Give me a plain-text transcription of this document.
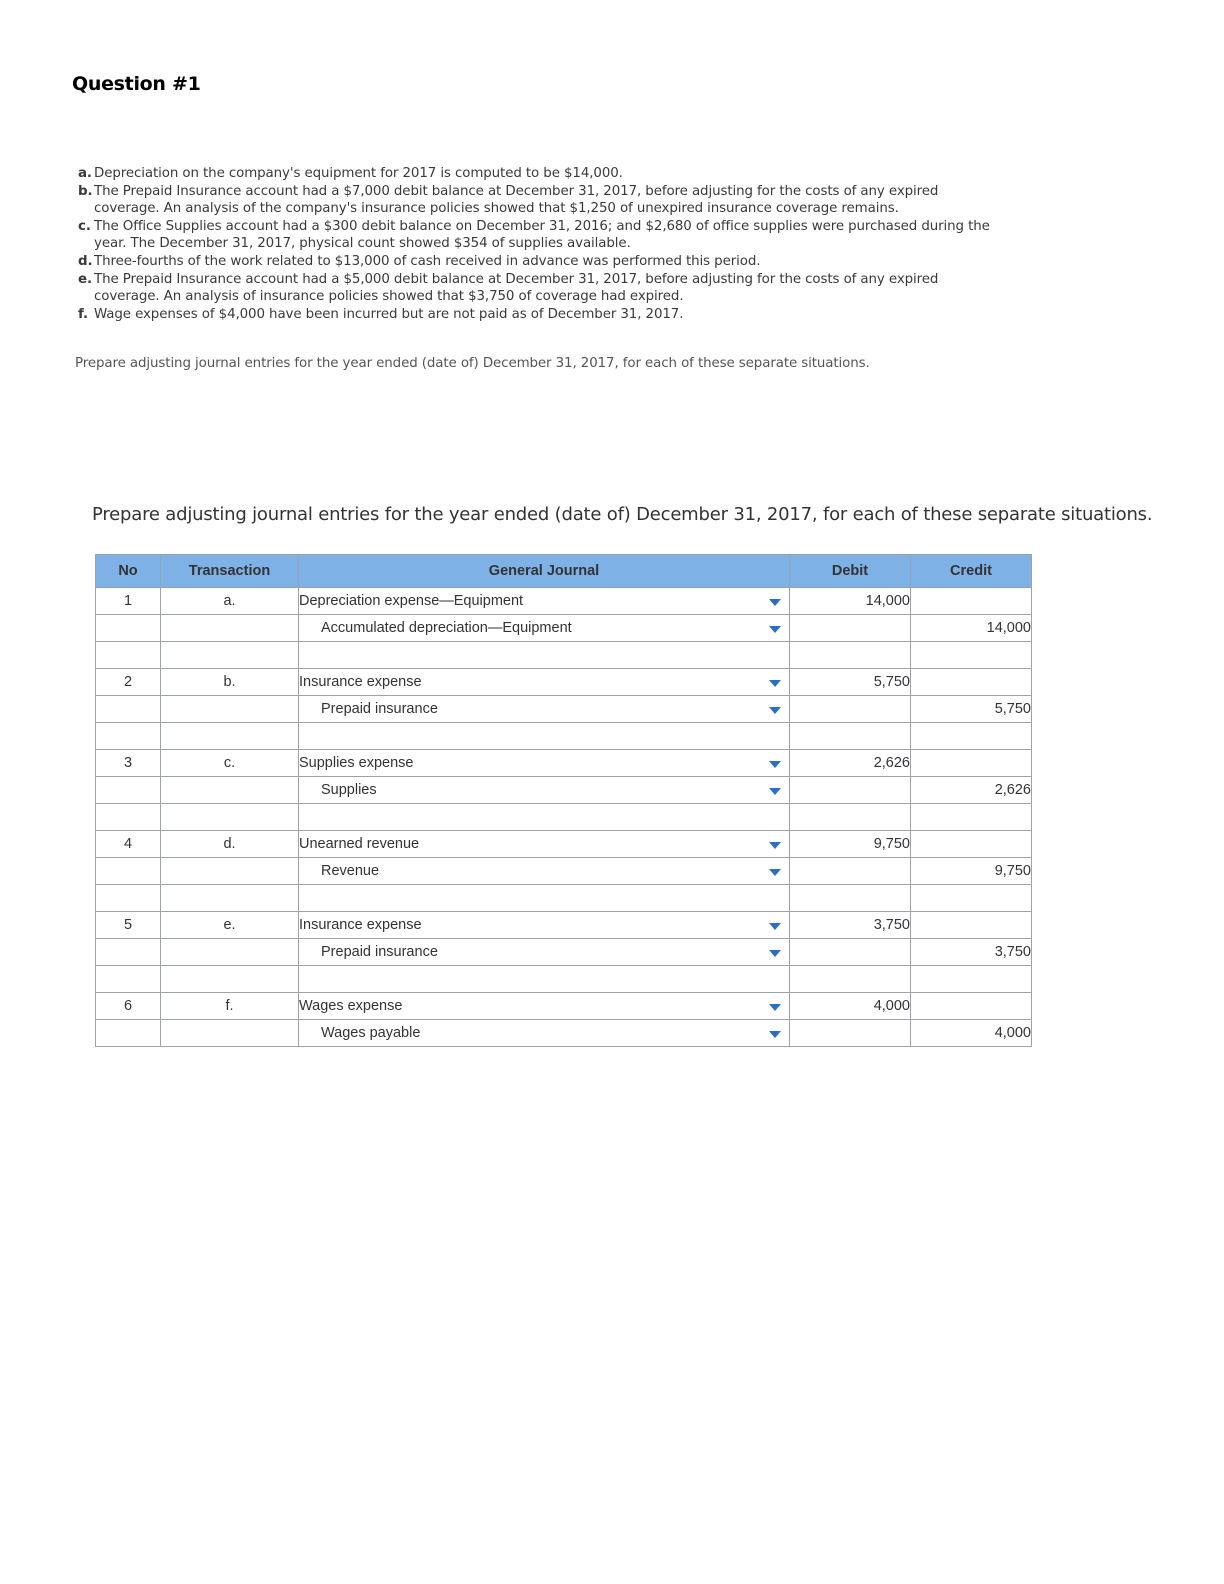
Question #1
a. Depreciation on the company's equipment for 2017 is computed to be $14,000.
b. The Prepaid Insurance account had a $7,000 debit balance at December 31, 2017, before adjusting for the costs of any expired coverage. An analysis of the company's insurance policies showed that $1,250 of unexpired insurance coverage remains.
c. The Office Supplies account had a $300 debit balance on December 31, 2016; and $2,680 of office supplies were purchased during the year. The December 31, 2017, physical count showed $354 of supplies available.
d. Three-fourths of the work related to $13,000 of cash received in advance was performed this period.
e. The Prepaid Insurance account had a $5,000 debit balance at December 31, 2017, before adjusting for the costs of any expired coverage. An analysis of insurance policies showed that $3,750 of coverage had expired.
f. Wage expenses of $4,000 have been incurred but are not paid as of December 31, 2017.
Prepare adjusting journal entries for the year ended (date of) December 31, 2017, for each of these separate situations.
Prepare adjusting journal entries for the year ended (date of) December 31, 2017, for each of these separate situations.
No	Transaction	General Journal	Debit	Credit
1	a.	Depreciation expense—Equipment	14,000	
		Accumulated depreciation—Equipment		14,000

2	b.	Insurance expense	5,750	
		Prepaid insurance		5,750

3	c.	Supplies expense	2,626	
		Supplies		2,626

4	d.	Unearned revenue	9,750	
		Revenue		9,750

5	e.	Insurance expense	3,750	
		Prepaid insurance		3,750

6	f.	Wages expense	4,000	
		Wages payable		4,000
